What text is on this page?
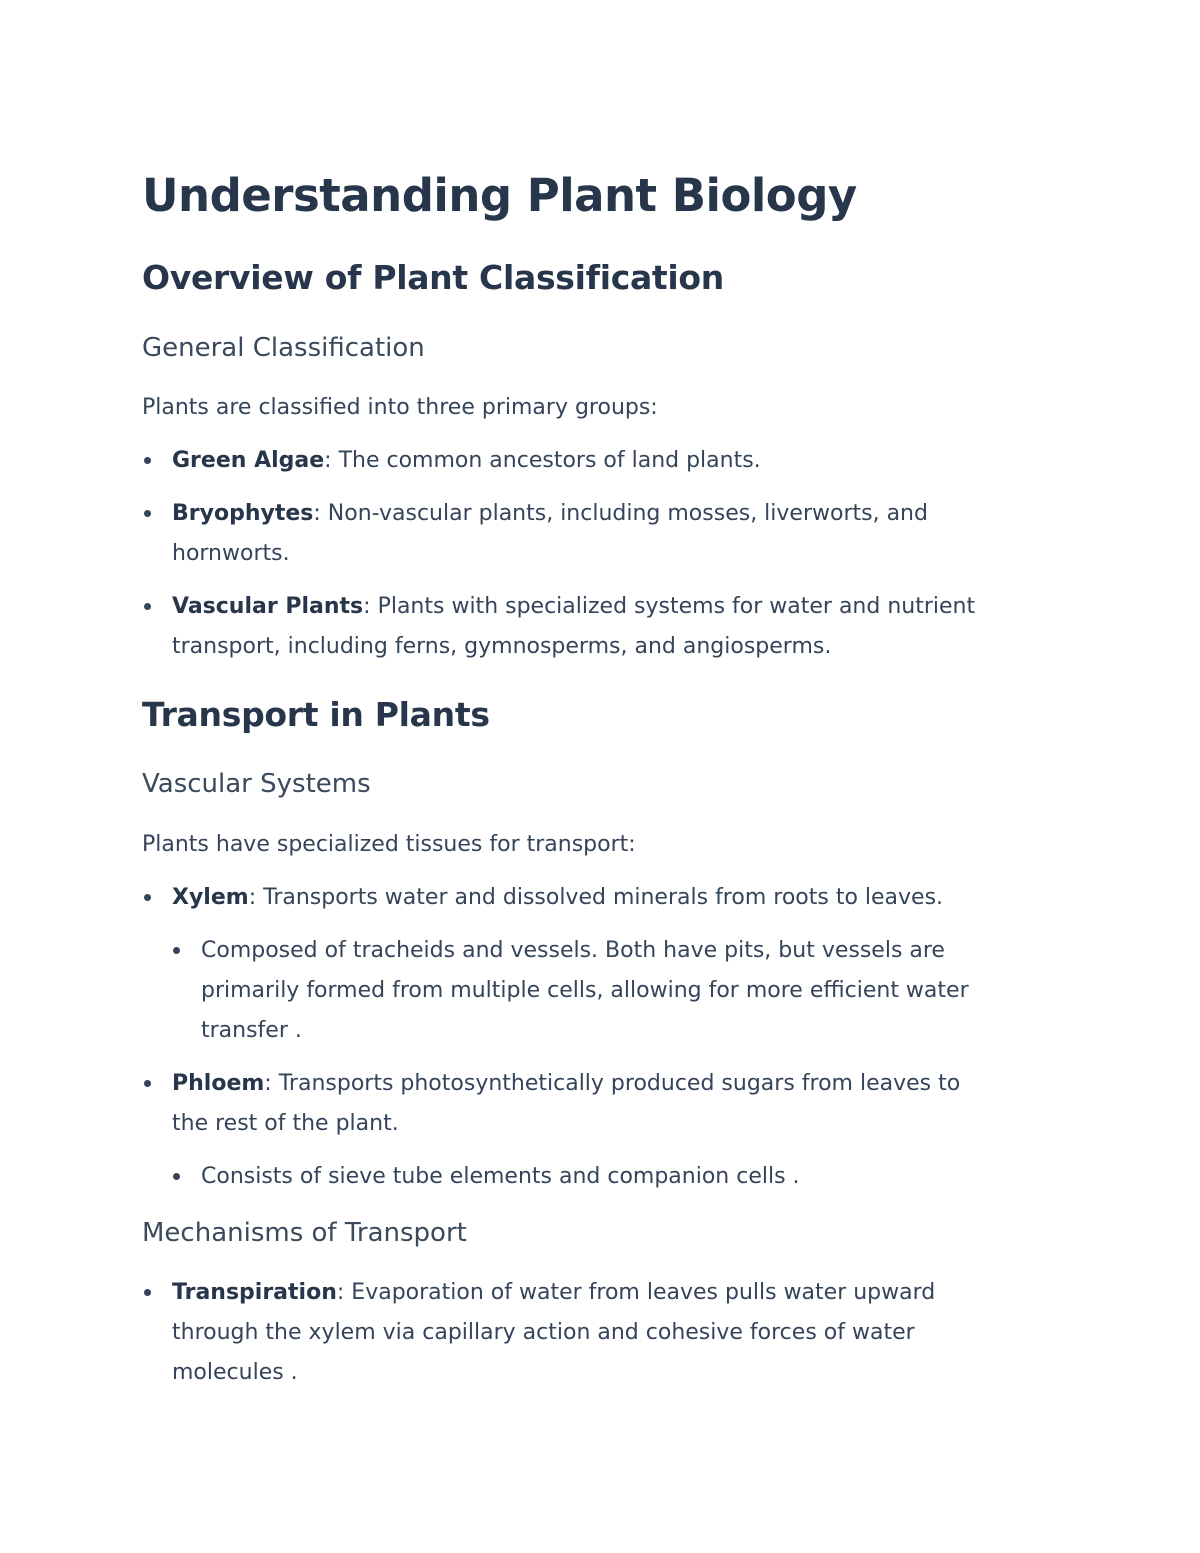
Understanding Plant Biology
Overview of Plant Classification
General Classification

Plants are classified into three primary groups:

Green Algae: The common ancestors of land plants.
Bryophytes: Non-vascular plants, including mosses, liverworts, and
hornworts.
Vascular Plants: Plants with specialized systems for water and nutrient
transport, including ferns, gymnosperms, and angiosperms.
Transport in Plants
Vascular Systems

Plants have specialized tissues for transport:

Xylem: Transports water and dissolved minerals from roots to leaves.
Composed of tracheids and vessels. Both have pits, but vessels are
primarily formed from multiple cells, allowing for more efficient water
transfer .
Phloem: Transports photosynthetically produced sugars from leaves to
the rest of the plant.
Consists of sieve tube elements and companion cells .
Mechanisms of Transport
Transpiration: Evaporation of water from leaves pulls water upward
through the xylem via capillary action and cohesive forces of water
molecules .
